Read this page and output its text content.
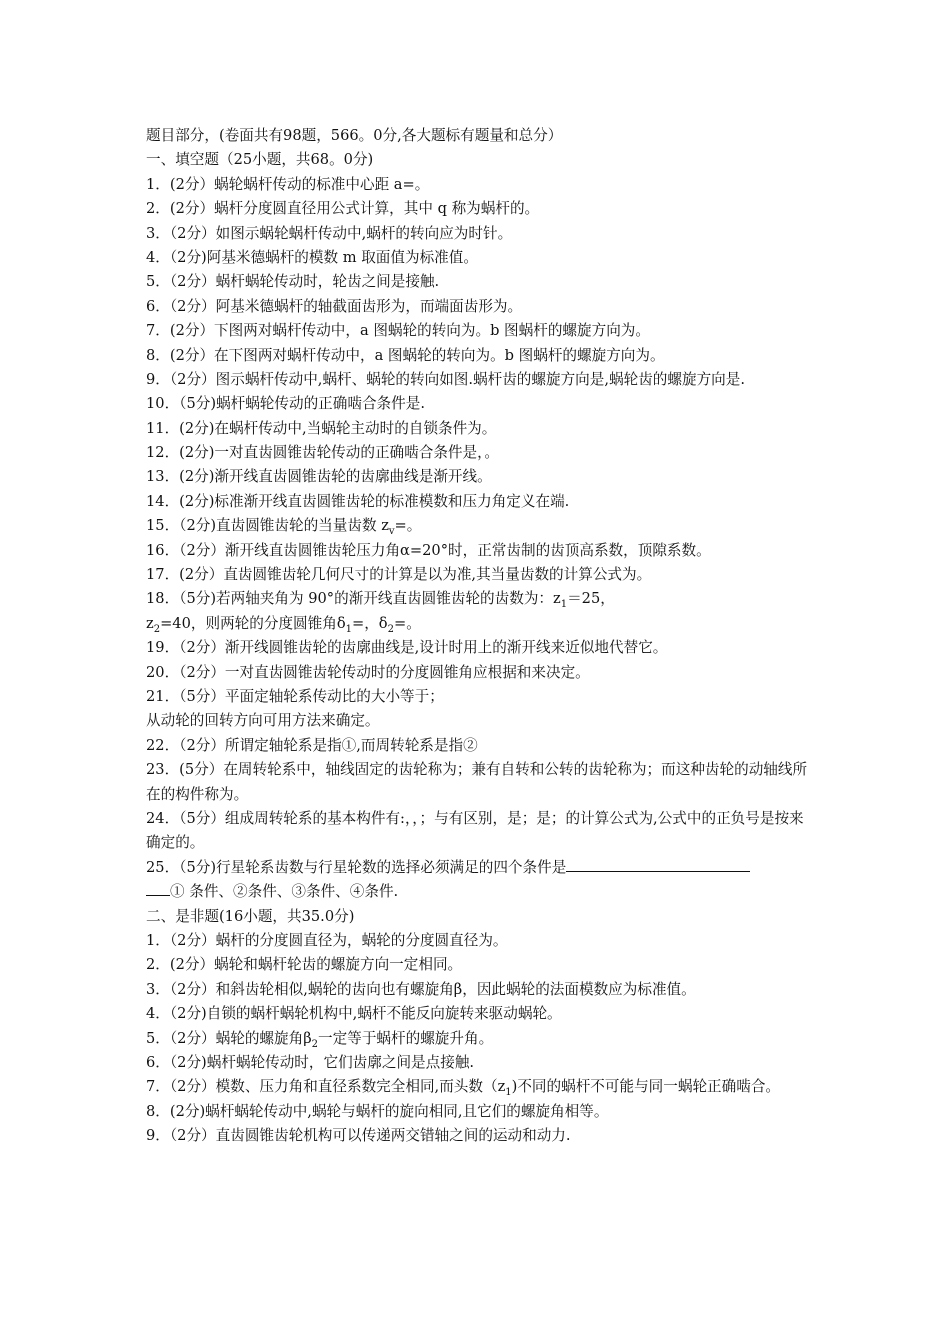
题目部分，(卷面共有98题，566。0分,各大题标有题量和总分）
一、填空题（25小题，共68。0分)
1．(2分）蜗轮蜗杆传动的标准中心距 a=。
2．(2分）蜗杆分度圆直径用公式计算，其中 q 称为蜗杆的。
3．（2分）如图示蜗轮蜗杆传动中,蜗杆的转向应为时针。
4．（2分)阿基米德蜗杆的模数 m 取面值为标准值。
5．（2分）蜗杆蜗轮传动时，轮齿之间是接触.
6．（2分）阿基米德蜗杆的轴截面齿形为，而端面齿形为。
7．(2分）下图两对蜗杆传动中，a 图蜗轮的转向为。b 图蜗杆的螺旋方向为。
8．(2分）在下图两对蜗杆传动中，a 图蜗轮的转向为。b 图蜗杆的螺旋方向为。
9．（2分）图示蜗杆传动中,蜗杆、蜗轮的转向如图.蜗杆齿的螺旋方向是,蜗轮齿的螺旋方向是.
10．（5分)蜗杆蜗轮传动的正确啮合条件是.
11．(2分)在蜗杆传动中,当蜗轮主动时的自锁条件为。
12．(2分)一对直齿圆锥齿轮传动的正确啮合条件是，。
13．(2分)渐开线直齿圆锥齿轮的齿廓曲线是渐开线。
14．(2分)标准渐开线直齿圆锥齿轮的标准模数和压力角定义在端.
15．（2分)直齿圆锥齿轮的当量齿数 $z_v=$。
16．（2分）渐开线直齿圆锥齿轮压力角α=20°时，正常齿制的齿顶高系数，顶隙系数。
17．(2分）直齿圆锥齿轮几何尺寸的计算是以为准,其当量齿数的计算公式为。
18．（5分)若两轴夹角为 90°的渐开线直齿圆锥齿轮的齿数为：$z_1=25$，
$z_2=40$，则两轮的分度圆锥角$\delta_1=$，$\delta_2=$。
19．（2分）渐开线圆锥齿轮的齿廓曲线是,设计时用上的渐开线来近似地代替它。
20．（2分）一对直齿圆锥齿轮传动时的分度圆锥角应根据和来决定。
21．（5分）平面定轴轮系传动比的大小等于；
从动轮的回转方向可用方法来确定。
22．（2分）所谓定轴轮系是指①,而周转轮系是指②
23．(5分）在周转轮系中，轴线固定的齿轮称为；兼有自转和公转的齿轮称为；而这种齿轮的动轴线所在的构件称为。
24．（5分）组成周转轮系的基本构件有:，，；与有区别，是；是；的计算公式为,公式中的正负号是按来确定的。
25．（5分)行星轮系齿数与行星轮数的选择必须满足的四个条件是
① 条件、②条件、③条件、④条件.
二、是非题(16小题，共35.0分)
1．（2分）蜗杆的分度圆直径为，蜗轮的分度圆直径为。
2．(2分）蜗轮和蜗杆轮齿的螺旋方向一定相同。
3．（2分）和斜齿轮相似,蜗轮的齿向也有螺旋角β，因此蜗轮的法面模数应为标准值。
4．（2分)自锁的蜗杆蜗轮机构中,蜗杆不能反向旋转来驱动蜗轮。
5．（2分）蜗轮的螺旋角$\beta_2$一定等于蜗杆的螺旋升角。
6．（2分)蜗杆蜗轮传动时，它们齿廓之间是点接触.
7．（2分）模数、压力角和直径系数完全相同,而头数$(z_1)$不同的蜗杆不可能与同一蜗轮正确啮合。
8．(2分)蜗杆蜗轮传动中,蜗轮与蜗杆的旋向相同,且它们的螺旋角相等。
9．（2分）直齿圆锥齿轮机构可以传递两交错轴之间的运动和动力.
